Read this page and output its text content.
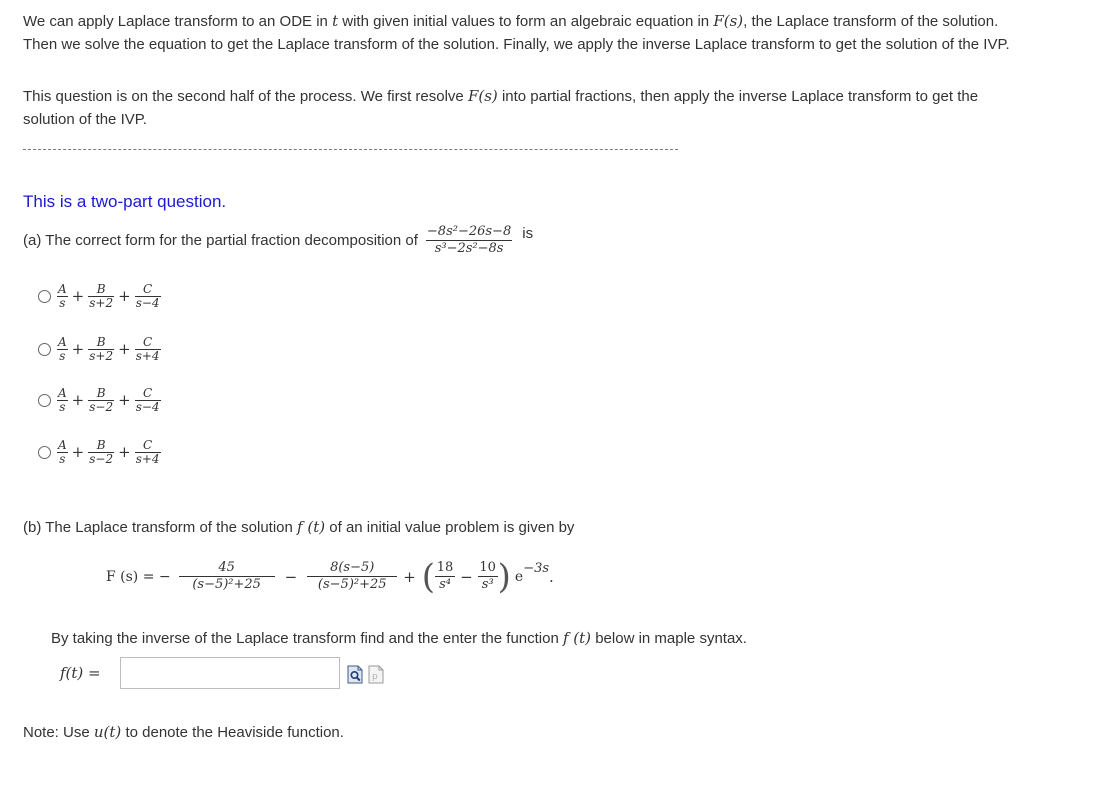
We can apply Laplace transform to an ODE in t with given initial values to form an algebraic equation in F(s), the Laplace transform of the solution. Then we solve the equation to get the Laplace transform of the solution. Finally, we apply the inverse Laplace transform to get the solution of the IVP.

This question is on the second half of the process. We first resolve F(s) into partial fractions, then apply the inverse Laplace transform to get the solution of the IVP.

This is a two-part question.
(a) The correct form for the partial fraction decomposition of $\frac{\text{−8s²−26s−8}}{\text{s³−2s²−8s}}$ is
$\frac{A}{s} + \frac{B}{s+2} + \frac{C}{s-4}$
$\frac{A}{s} + \frac{B}{s+2} + \frac{C}{s+4}$
$\frac{A}{s} + \frac{B}{s-2} + \frac{C}{s-4}$
$\frac{A}{s} + \frac{B}{s-2} + \frac{C}{s+4}$
(b) The Laplace transform of the solution f (t) of an initial value problem is given by
F (s) = − $\frac{45}{\text{(s−5)²+25}} - \frac{8(s-5)}{\text{(s−5)²+25}}$ + ( $\frac{18}{\text{s⁴}} - \frac{10}{\text{s³}}$ ) e −3s .
By taking the inverse of the Laplace transform find and the enter the function f (t) below in maple syntax.
f(t) =	p
Note: Use u(t) to denote the Heaviside function.
